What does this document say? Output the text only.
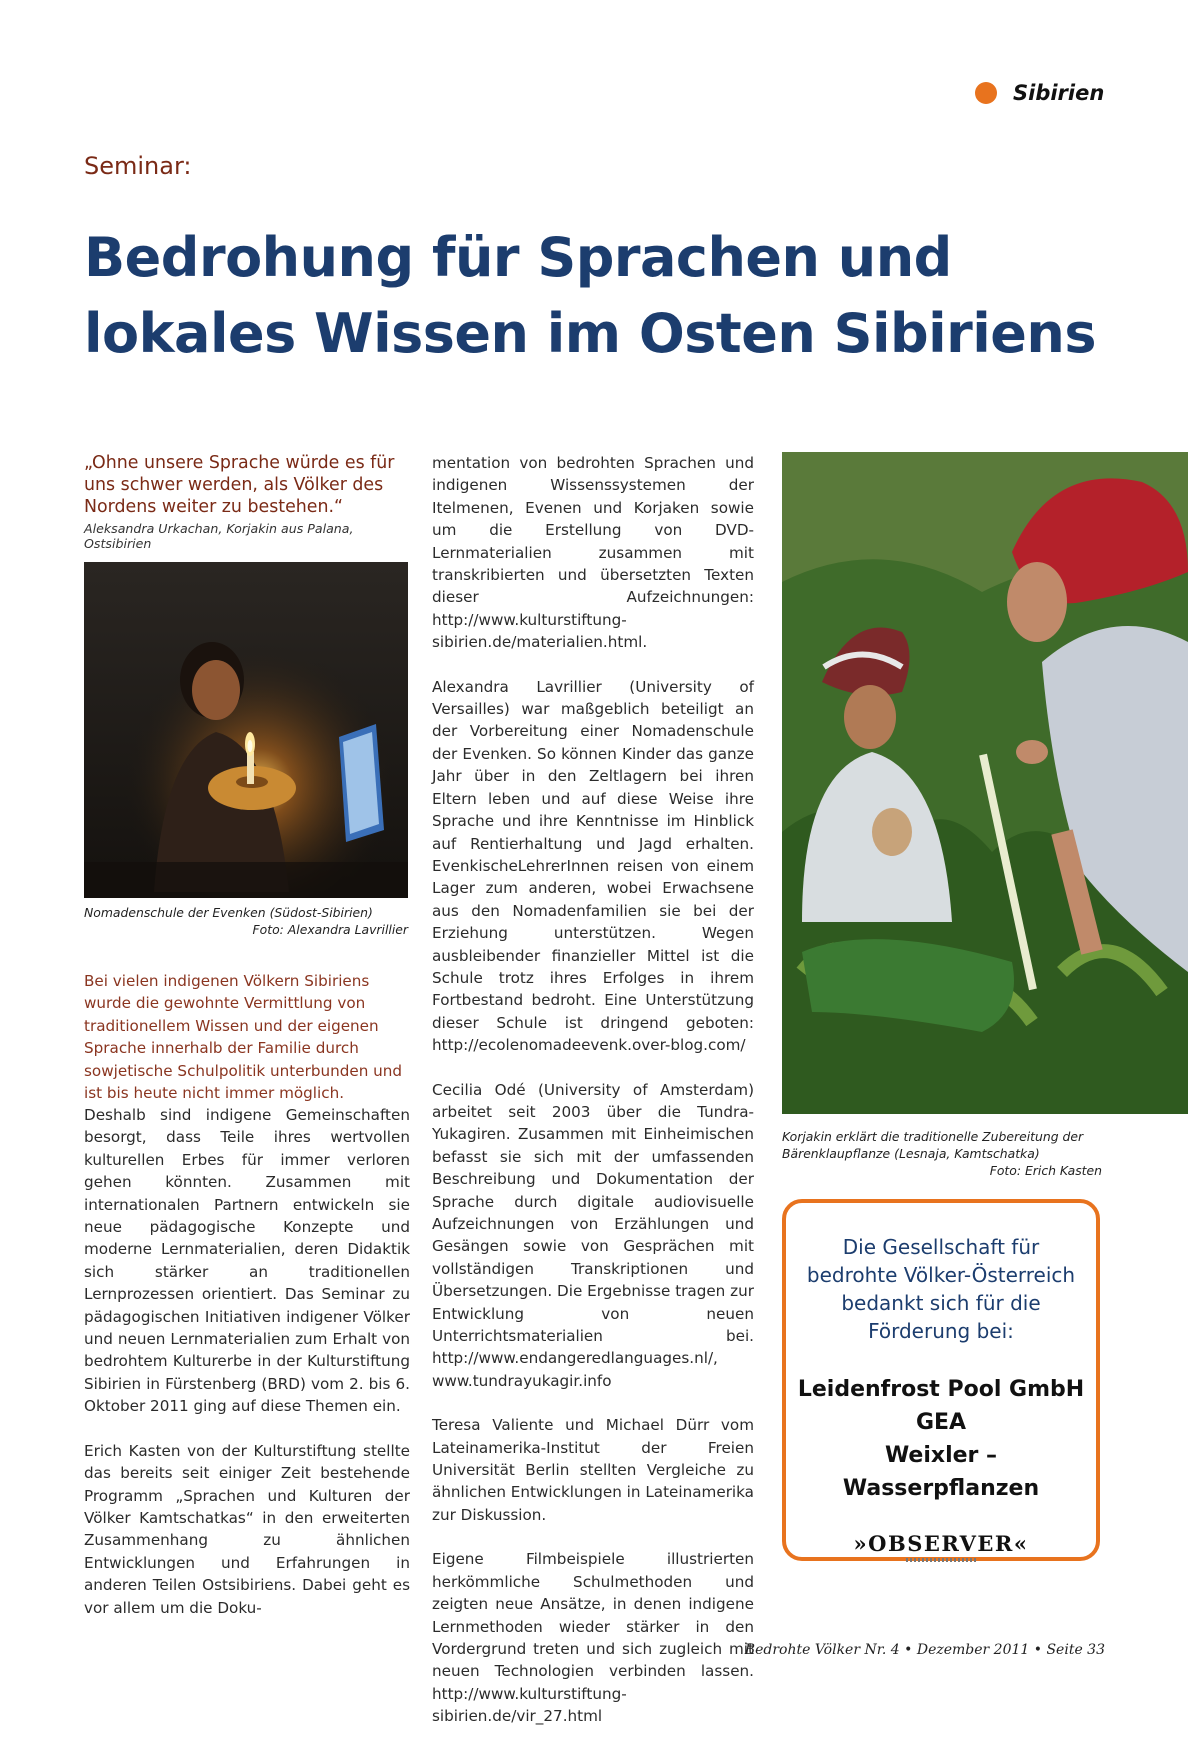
Sibirien
Seminar:
Bedrohung für Sprachen und lokales Wissen im Osten Sibiriens

„Ohne unsere Sprache würde es für uns schwer werden, als Völker des Nordens weiter zu bestehen.“

Aleksandra Urkachan, Korjakin aus Palana, Ostsibirien
Nomadenschule der Evenken (Südost-Sibirien)
Foto: Alexandra Lavrillier
Bei vielen indigenen Völkern Sibiriens wurde die gewohnte Vermittlung von traditionellem Wissen und der eigenen Sprache innerhalb der Familie durch sowjetische Schulpolitik unterbunden und ist bis heute nicht immer möglich.

Deshalb sind indigene Gemeinschaften besorgt, dass Teile ihres wertvollen kulturellen Erbes für immer verloren gehen könnten. Zusammen mit internationalen Partnern entwickeln sie neue pädagogische Konzepte und moderne Lernmaterialien, deren Didaktik sich stärker an traditionellen Lernprozessen orientiert. Das Seminar zu pädagogischen Initiativen indigener Völker und neuen Lernmaterialien zum Erhalt von bedrohtem Kulturerbe in der Kulturstiftung Sibirien in Fürstenberg (BRD) vom 2. bis 6. Oktober 2011 ging auf diese Themen ein.

Erich Kasten von der Kulturstiftung stellte das bereits seit einiger Zeit bestehende Programm „Sprachen und Kulturen der Völker Kamtschatkas“ in den erweiterten Zusammenhang zu ähnlichen Entwicklungen und Erfahrungen in anderen Teilen Ostsibiriens. Dabei geht es vor allem um die Doku-

mentation von bedrohten Sprachen und indigenen Wissenssystemen der Itelmenen, Evenen und Korjaken sowie um die Erstellung von DVD-Lernmaterialien zusammen mit transkribierten und übersetzten Texten dieser Aufzeichnungen: http://www.kulturstiftung-sibirien.de/materialien.html.

Alexandra Lavrillier (University of Versailles) war maßgeblich beteiligt an der Vorbereitung einer Nomadenschule der Evenken. So können Kinder das ganze Jahr über in den Zeltlagern bei ihren Eltern leben und auf diese Weise ihre Sprache und ihre Kenntnisse im Hinblick auf Rentierhaltung und Jagd erhalten. EvenkischeLehrerInnen reisen von einem Lager zum anderen, wobei Erwachsene aus den Nomadenfamilien sie bei der Erziehung unterstützen. Wegen ausbleibender finanzieller Mittel ist die Schule trotz ihres Erfolges in ihrem Fortbestand bedroht. Eine Unterstützung dieser Schule ist dringend geboten: http://ecolenomadeevenk.over-blog.com/

Cecilia Odé (University of Amsterdam) arbeitet seit 2003 über die Tundra-Yukagiren. Zusammen mit Einheimischen befasst sie sich mit der umfassenden Beschreibung und Dokumentation der Sprache durch digitale audiovisuelle Aufzeichnungen von Erzählungen und Gesängen sowie von Gesprächen mit vollständigen Transkriptionen und Übersetzungen. Die Ergebnisse tragen zur Entwicklung von neuen Unterrichtsmaterialien bei. http://www.endangeredlanguages.nl/, www.tundrayukagir.info

Teresa Valiente und Michael Dürr vom Lateinamerika-Institut der Freien Universität Berlin stellten Vergleiche zu ähnlichen Entwicklungen in Lateinamerika zur Diskussion.

Eigene Filmbeispiele illustrierten herkömmliche Schulmethoden und zeigten neue Ansätze, in denen indigene Lernmethoden wieder stärker in den Vordergrund treten und sich zugleich mit neuen Technologien verbinden lassen. http://www.kulturstiftung-sibirien.de/vir_27.html

Korjakin erklärt die traditionelle Zubereitung der Bärenklaupflanze (Lesnaja, Kamtschatka)
Foto: Erich Kasten
Die Gesellschaft für bedrohte Völker-Österreich bedankt sich für die Förderung bei:
Leidenfrost Pool GmbH
GEA
Weixler – Wasserpflanzen
»OBSERVER«
Bedrohte Völker Nr. 4 • Dezember 2011 • Seite 33
